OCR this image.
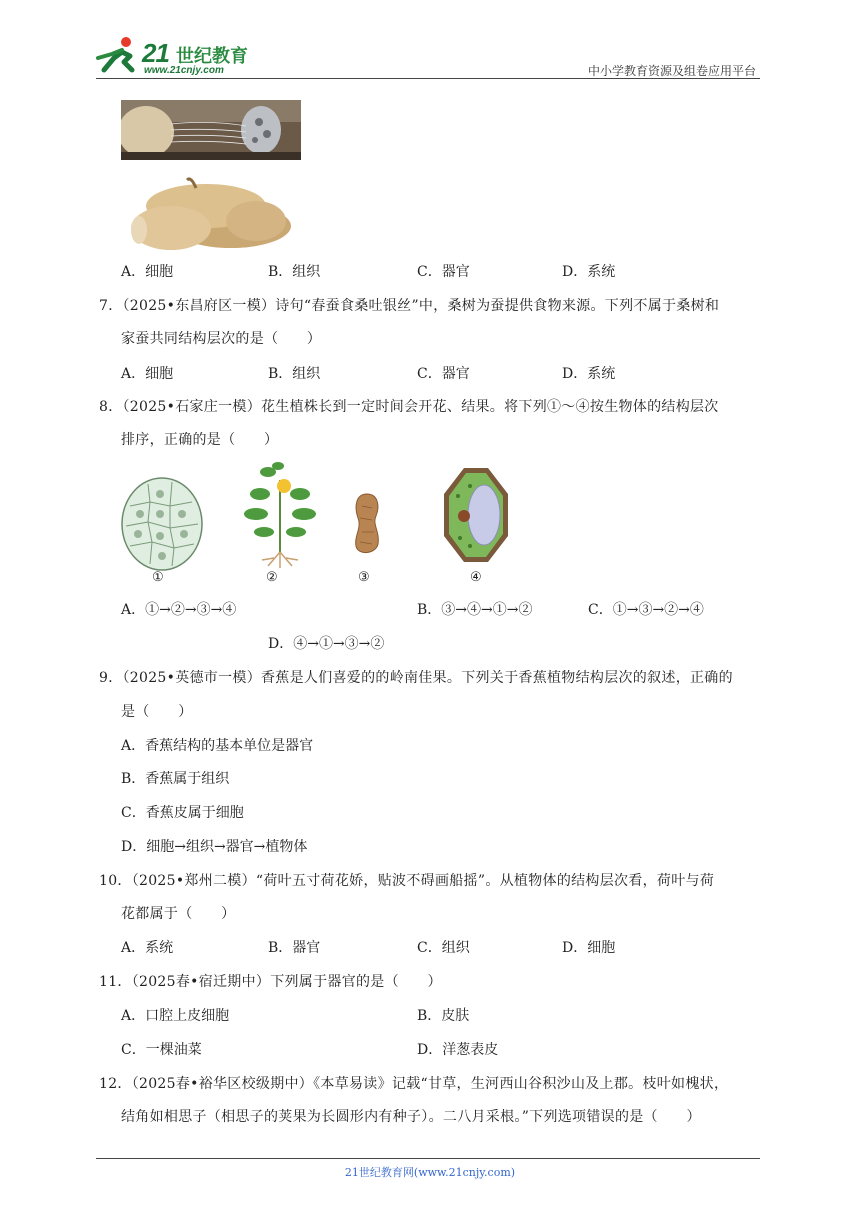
21 世纪教育
www.21cnjy.com	中小学教育资源及组卷应用平台
A．细胞	B．组织	C．器官	D．系统
7．（2025•东昌府区一模）诗句“春蚕食桑吐银丝”中，桑树为蚕提供食物来源。下列不属于桑树和
家蚕共同结构层次的是（　　）
A．细胞	B．组织	C．器官	D．系统
8．（2025•石家庄一模）花生植株长到一定时间会开花、结果。将下列①～④按生物体的结构层次
排序，正确的是（　　）
①	②	③	④
A．①→②→③→④	B．③→④→①→②	C．①→③→②→④
D．④→①→③→②
9．（2025•英德市一模）香蕉是人们喜爱的的岭南佳果。下列关于香蕉植物结构层次的叙述，正确的
是（　　）
A．香蕉结构的基本单位是器官
B．香蕉属于组织
C．香蕉皮属于细胞
D．细胞→组织→器官→植物体
10．（2025•郑州二模）“荷叶五寸荷花娇，贴波不碍画船摇”。从植物体的结构层次看，荷叶与荷
花都属于（　　）
A．系统	B．器官	C．组织	D．细胞
11．（2025春•宿迁期中）下列属于器官的是（　　）
A．口腔上皮细胞	B．皮肤
C．一棵油菜	D．洋葱表皮
12．（2025春•裕华区校级期中）《本草易读》记载“甘草，生河西山谷积沙山及上郡。枝叶如槐状，
结角如相思子（相思子的荚果为长圆形内有种子）。二八月采根。”下列选项错误的是（　　）
21世纪教育网(www.21cnjy.com)
